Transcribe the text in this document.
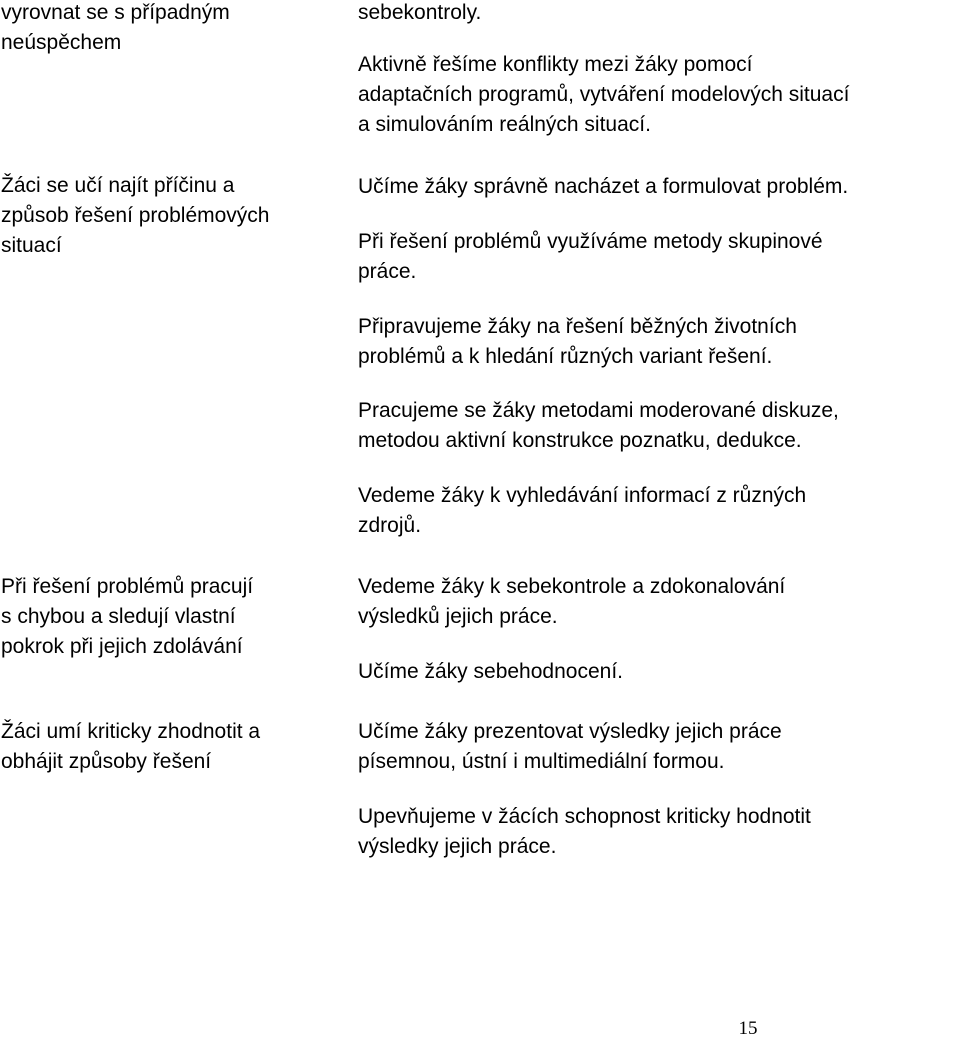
vyrovnat se s případným
neúspěchem

Žáci se učí najít příčinu a
způsob řešení problémových
situací

Při řešení problémů pracují
s chybou a sledují vlastní
pokrok při jejich zdolávání

Žáci umí kriticky zhodnotit a
obhájit způsoby řešení

sebekontroly.

Aktivně řešíme konflikty mezi žáky pomocí
adaptačních programů, vytváření modelových situací
a simulováním reálných situací.

Učíme žáky správně nacházet a formulovat problém.

Při řešení problémů využíváme metody skupinové
práce.

Připravujeme žáky na řešení běžných životních
problémů a k hledání různých variant řešení.

Pracujeme se žáky metodami moderované diskuze,
metodou aktivní konstrukce poznatku, dedukce.

Vedeme žáky k vyhledávání informací z různých
zdrojů.

Vedeme žáky k sebekontrole a zdokonalování
výsledků jejich práce.

Učíme žáky sebehodnocení.

Učíme žáky prezentovat výsledky jejich práce
písemnou, ústní i multimediální formou.

Upevňujeme v žácích schopnost kriticky hodnotit
výsledky jejich práce.

15
